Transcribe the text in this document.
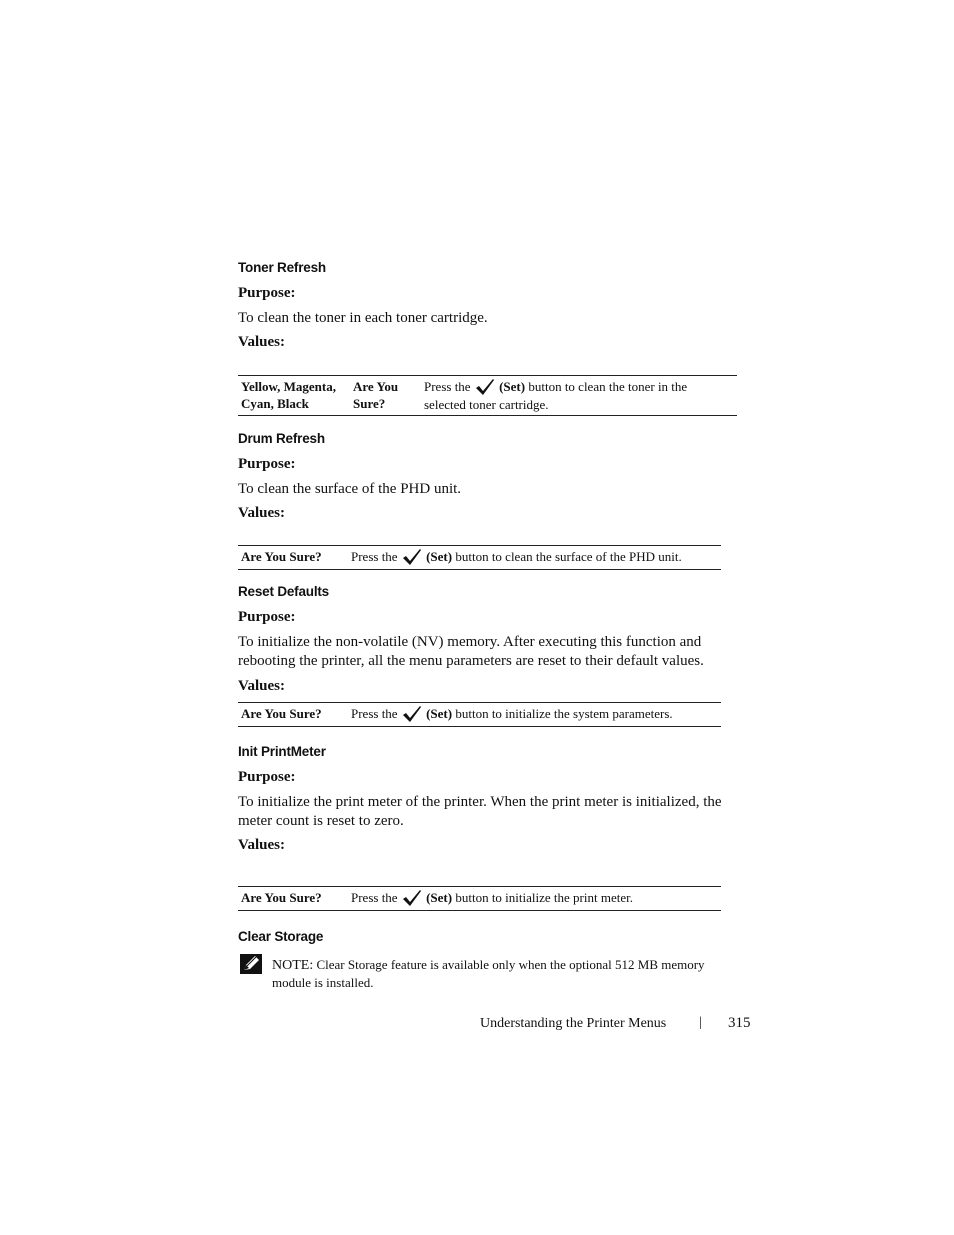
Toner Refresh
Purpose:
To clean the toner in each toner cartridge.
Values:
Yellow, Magenta,
Cyan, Black
Are You
Sure?
Press the (Set) button to clean the toner in the
selected toner cartridge.
Drum Refresh
Purpose:
To clean the surface of the PHD unit.
Values:
Are You Sure? Press the (Set) button to clean the surface of the PHD unit.
Reset Defaults
Purpose:
To initialize the non-volatile (NV) memory. After executing this function and
rebooting the printer, all the menu parameters are reset to their default values.
Values:
Are You Sure? Press the (Set) button to initialize the system parameters.
Init PrintMeter
Purpose:
To initialize the print meter of the printer. When the print meter is initialized, the
meter count is reset to zero.
Values:
Are You Sure? Press the (Set) button to initialize the print meter.
Clear Storage
NOTE: Clear Storage feature is available only when the optional 512 MB memory
module is installed.
Understanding the Printer Menus | 315
